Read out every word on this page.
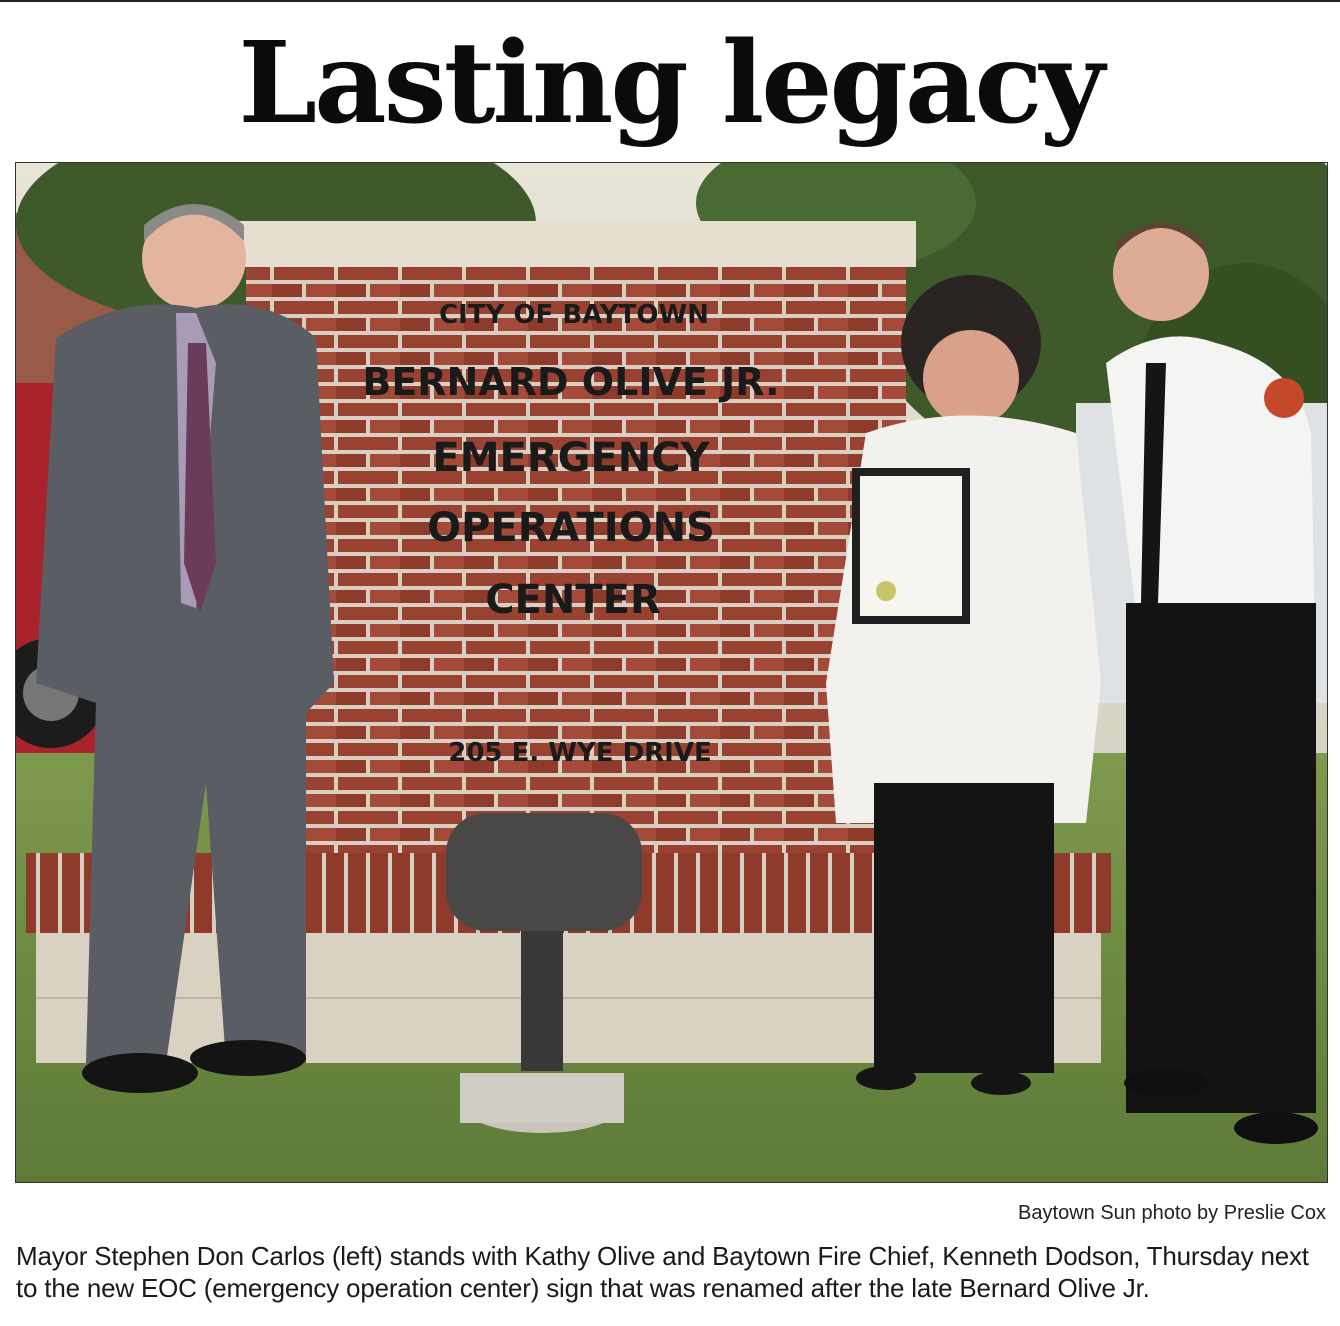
Lasting legacy
CITY OF BAYTOWN
BERNARD OLIVE JR.
EMERGENCY
OPERATIONS
CENTER
205 E. WYE DRIVE
Baytown Sun photo by Preslie Cox
Mayor Stephen Don Carlos (left) stands with Kathy Olive and Baytown Fire Chief, Kenneth Dodson, Thursday next to the new EOC (emergency operation center) sign that was renamed after the late Bernard Olive Jr.
